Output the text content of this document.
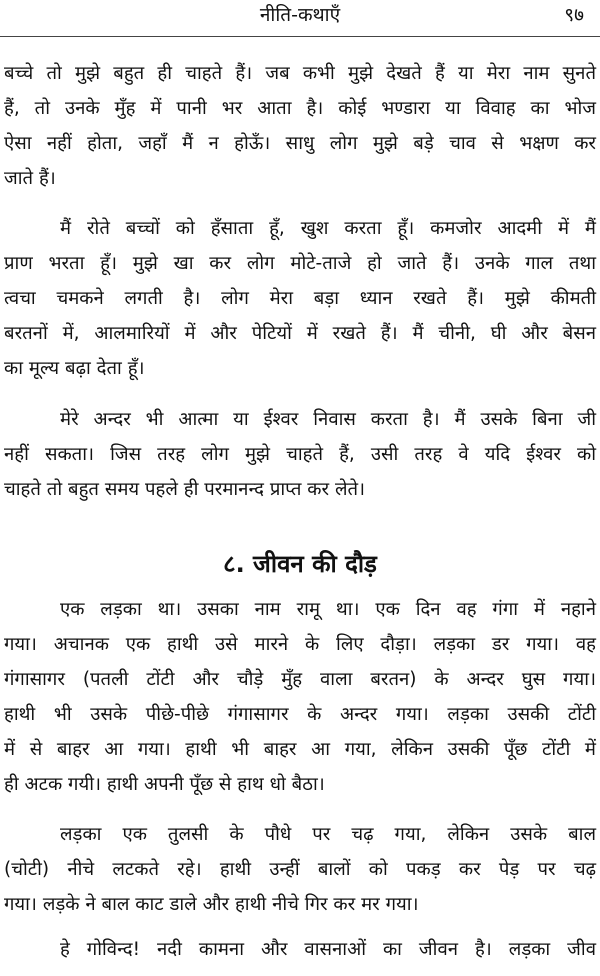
नीति-कथाएँ	९७
बच्चे तो मुझे बहुत ही चाहते हैं। जब कभी मुझे देखते हैं या मेरा नाम सुनते
हैं, तो उनके मुँह में पानी भर आता है। कोई भण्डारा या विवाह का भोज
ऐसा नहीं होता, जहाँ मैं न होऊँ। साधु लोग मुझे बड़े चाव से भक्षण कर
जाते हैं।
मैं रोते बच्चों को हँसाता हूँ, खुश करता हूँ। कमजोर आदमी में मैं
प्राण भरता हूँ। मुझे खा कर लोग मोटे-ताजे हो जाते हैं। उनके गाल तथा
त्वचा चमकने लगती है। लोग मेरा बड़ा ध्यान रखते हैं। मुझे कीमती
बरतनों में, आलमारियों में और पेटियों में रखते हैं। मैं चीनी, घी और बेसन
का मूल्य बढ़ा देता हूँ।
मेरे अन्दर भी आत्मा या ईश्वर निवास करता है। मैं उसके बिना जी
नहीं सकता। जिस तरह लोग मुझे चाहते हैं, उसी तरह वे यदि ईश्वर को
चाहते तो बहुत समय पहले ही परमानन्द प्राप्त कर लेते।
८. जीवन की दौड़
एक लड़का था। उसका नाम रामू था। एक दिन वह गंगा में नहाने
गया। अचानक एक हाथी उसे मारने के लिए दौड़ा। लड़का डर गया। वह
गंगासागर (पतली टोंटी और चौड़े मुँह वाला बरतन) के अन्दर घुस गया।
हाथी भी उसके पीछे-पीछे गंगासागर के अन्दर गया। लड़का उसकी टोंटी
में से बाहर आ गया। हाथी भी बाहर आ गया, लेकिन उसकी पूँछ टोंटी में
ही अटक गयी। हाथी अपनी पूँछ से हाथ धो बैठा।
लड़का एक तुलसी के पौधे पर चढ़ गया, लेकिन उसके बाल
(चोटी) नीचे लटकते रहे। हाथी उन्हीं बालों को पकड़ कर पेड़ पर चढ़
गया। लड़के ने बाल काट डाले और हाथी नीचे गिर कर मर गया।
हे गोविन्द! नदी कामना और वासनाओं का जीवन है। लड़का जीव
